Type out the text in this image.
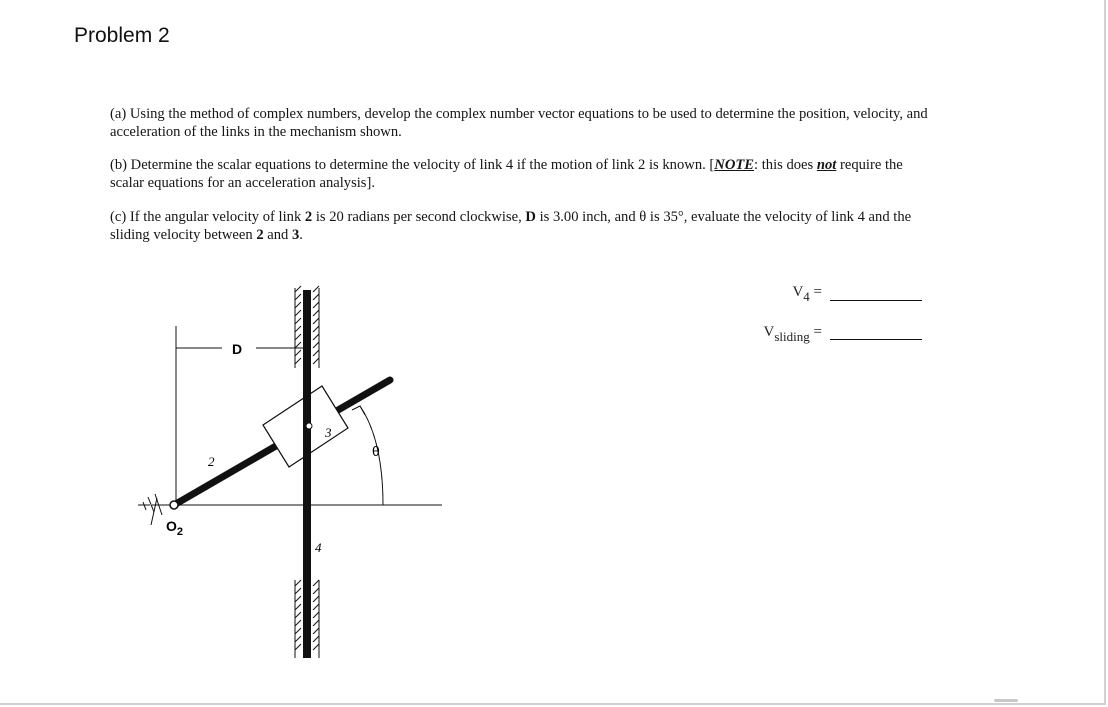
Problem 2
(a) Using the method of complex numbers, develop the complex number vector equations to be used to determine the position, velocity, and acceleration of the links in the mechanism shown.
(b) Determine the scalar equations to determine the velocity of link 4 if the motion of link 2 is known. [NOTE: this does not require the scalar equations for an acceleration analysis].
(c) If the angular velocity of link 2 is 20 radians per second clockwise, D is 3.00 inch, and θ is 35°, evaluate the velocity of link 4 and the sliding velocity between 2 and 3.
V4 =
Vsliding =
D
2
3
4
θ
$O_2$
